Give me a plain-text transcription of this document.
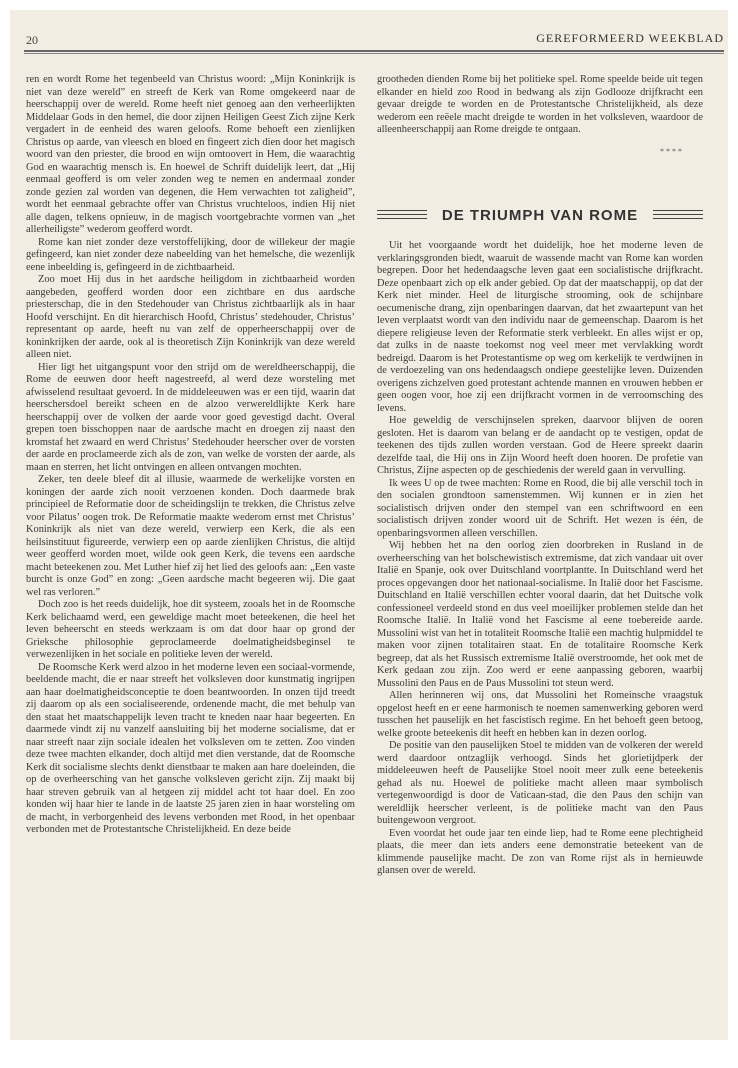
20	GEREFORMEERD WEEKBLAD

ren en wordt Rome het tegenbeeld van Christus woord: „Mijn Koninkrijk is niet van deze wereld” en streeft de Kerk van Rome omgekeerd naar de heerschappij over de wereld. Rome heeft niet genoeg aan den verheerlijkten Middelaar Gods in den hemel, die door zijnen Heiligen Geest Zich zijne Kerk vergadert in de eenheid des waren geloofs. Rome behoeft een zienlijken Christus op aarde, van vleesch en bloed en fingeert zich dien door het magisch woord van den priester, die brood en wijn omtoovert in Hem, die waarachtig God en waarachtig mensch is. En hoewel de Schrift duidelijk leert, dat „Hij eenmaal geofferd is om veler zonden weg te nemen en andermaal zonder zonde gezien zal worden van degenen, die Hem verwachten tot zaligheid”, wordt het eenmaal gebrachte offer van Christus vruchteloos, indien Hij niet alle dagen, telkens opnieuw, in de magisch voortgebrachte vormen van „het allerheiligste” wederom geofferd wordt.

Rome kan niet zonder deze verstoffelijking, door de willekeur der magie gefingeerd, kan niet zonder deze nabeelding van het hemelsche, die wezenlijk eene inbeelding is, gefingeerd in de zichtbaarheid.

Zoo moet Hij dus in het aardsche heiligdom in zichtbaarheid worden aangebeden, geofferd worden door een zichtbare en dus aardsche priesterschap, die in den Stedehouder van Christus zichtbaarlijk als in haar Hoofd verschijnt. En dit hierarchisch Hoofd, Christus’ stedehouder, Christus’ representant op aarde, heeft nu van zelf de opperheerschappij over de koninkrijken der aarde, ook al is theoretisch Zijn Koninkrijk van deze wereld alleen niet.

Hier ligt het uitgangspunt voor den strijd om de wereldheerschappij, die Rome de eeuwen door heeft nagestreefd, al werd deze worsteling met afwisselend resultaat gevoerd. In de middeleeuwen was er een tijd, waarin dat heerschersdoel bereikt scheen en de alzoo verwereldlijkte Kerk hare heerschappij over de volken der aarde voor goed gevestigd dacht. Overal grepen toen bisschoppen naar de aardsche macht en droegen zij naast den kromstaf het zwaard en werd Christus’ Stedehouder heerscher over de vorsten der aarde en proclameerde zich als de zon, van welke de vorsten der aarde, als maan en sterren, het licht ontvingen en alleen ontvangen mochten.

Zeker, ten deele bleef dit al illusie, waarmede de werkelijke vorsten en koningen der aarde zich nooit verzoenen konden. Doch daarmede brak principieel de Reformatie door de scheidingslijn te trekken, die Christus zelve voor Pilatus’ oogen trok. De Reformatie maakte wederom ernst met Christus’ Koninkrijk als niet van deze wereld, verwierp een Kerk, die als een heilsinstituut figureerde, verwierp een op aarde zienlijken Christus, die altijd weer geofferd worden moet, wilde ook geen Kerk, die tevens een aardsche macht beteekenen zou. Met Luther hief zij het lied des geloofs aan: „Een vaste burcht is onze God” en zong: „Geen aardsche macht begeeren wij. Die gaat wel ras verloren.”

Doch zoo is het reeds duidelijk, hoe dit systeem, zooals het in de Roomsche Kerk belichaamd werd, een geweldige macht moet beteekenen, die heel het leven beheerscht en steeds werkzaam is om dat door haar op grond der Grieksche philosophie geproclameerde doelmatigheidsbeginsel te verwezenlijken in het sociale en politieke leven der wereld.

De Roomsche Kerk werd alzoo in het moderne leven een sociaal-vormende, beeldende macht, die er naar streeft het volksleven door kunstmatig ingrijpen aan haar doelmatigheidsconceptie te doen beantwoorden. In onzen tijd treedt zij daarom op als een socialiseerende, ordenende macht, die met behulp van den staat het maatschappelijk leven tracht te kneden naar haar begeerten. En daarmede vindt zij nu vanzelf aansluiting bij het moderne socialisme, dat er naar streeft naar zijn sociale idealen het volksleven om te zetten. Zoo vinden deze twee machten elkander, doch altijd met dien verstande, dat de Roomsche Kerk dit socialisme slechts denkt dienstbaar te maken aan hare doeleinden, die op de overheersching van het gansche volksleven gericht zijn. Zij maakt bij haar streven gebruik van al hetgeen zij middel acht tot haar doel. En zoo konden wij haar hier te lande in de laatste 25 jaren zien in haar worsteling om de macht, in verborgenheid des levens verbonden met Rood, in het openbaar verbonden met de Protestantsche Christelijkheid. En deze beide

grootheden dienden Rome bij het politieke spel. Rome speelde beide uit tegen elkander en hield zoo Rood in bedwang als zijn Godlooze drijfkracht een gevaar dreigde te worden en de Protestantsche Christelijkheid, als deze wederom een reëele macht dreigde te worden in het volksleven, waardoor de alleenheerschappij aan Rome dreigde te ontgaan.

* * * *
DE TRIUMPH VAN ROME

Uit het voorgaande wordt het duidelijk, hoe het moderne leven de verklaringsgronden biedt, waaruit de wassende macht van Rome kan worden begrepen. Door het hedendaagsche leven gaat een socialistische drijfkracht. Deze openbaart zich op elk ander gebied. Op dat der maatschappij, op dat der Kerk niet minder. Heel de liturgische strooming, ook de schijnbare oecumenische drang, zijn openbaringen daarvan, dat het zwaartepunt van het leven verplaatst wordt van den individu naar de gemeenschap. Daarom is het diepere religieuse leven der Reformatie sterk verbleekt. En alles wijst er op, dat zulks in de naaste toekomst nog veel meer met vervlakking wordt bedreigd. Daarom is het Protestantisme op weg om kerkelijk te verdwijnen in de verdoezeling van ons hedendaagsch ondiepe geestelijke leven. Duizenden overigens zichzelven goed protestant achtende mannen en vrouwen hebben er geen oogen voor, hoe zij een drijfkracht vormen in de verroomsching des levens.

Hoe geweldig de verschijnselen spreken, daarvoor blijven de ooren gesloten. Het is daarom van belang er de aandacht op te vestigen, opdat de teekenen des tijds zullen worden verstaan. God de Heere spreekt daarin dezelfde taal, die Hij ons in Zijn Woord heeft doen hooren. De profetie van Christus, Zijne aspecten op de geschiedenis der wereld gaan in vervulling.

Ik wees U op de twee machten: Rome en Rood, die bij alle verschil toch in den socialen grondtoon samenstemmen. Wij kunnen er in zien het socialistisch drijven onder den stempel van een schriftwoord en een socialistisch drijven zonder woord uit de Schrift. Het wezen is één, de openbaringsvormen alleen verschillen.

Wij hebben het na den oorlog zien doorbreken in Rusland in de overheersching van het bolschewistisch extremisme, dat zich vandaar uit over Italië en Spanje, ook over Duitschland voortplantte. In Duitschland werd het proces opgevangen door het nationaal-socialisme. In Italië door het Fascisme. Duitschland en Italië verschillen echter vooral daarin, dat het Duitsche volk confessioneel verdeeld stond en dus veel moeilijker problemen stelde dan het Roomsche Italië. In Italië vond het Fascisme al eene toebereide aarde. Mussolini wist van het in totaliteit Roomsche Italië een machtig hulpmiddel te maken voor zijnen totalitairen staat. En de totalitaire Roomsche Kerk begreep, dat als het Russisch extremisme Italië overstroomde, het ook met de Kerk gedaan zou zijn. Zoo werd er eene aanpassing geboren, waarbij Mussolini den Paus en de Paus Mussolini tot steun werd.

Allen herinneren wij ons, dat Mussolini het Romeinsche vraagstuk opgelost heeft en er eene harmonisch te noemen samenwerking geboren werd tusschen het pauselijk en het fascistisch regime. En het behoeft geen betoog, welke groote beteekenis dit heeft en hebben kan in dezen oorlog.

De positie van den pauselijken Stoel te midden van de volkeren der wereld werd daardoor ontzaglijk verhoogd. Sinds het glorietijdperk der middeleeuwen heeft de Pauselijke Stoel nooit meer zulk eene beteekenis gehad als nu. Hoewel de politieke macht alleen maar symbolisch vertegenwoordigd is door de Vaticaan-stad, die den Paus den schijn van wereldlijk heerscher verleent, is de politieke macht van den Paus buitengewoon vergroot.

Even voordat het oude jaar ten einde liep, had te Rome eene plechtigheid plaats, die meer dan iets anders eene demonstratie beteekent van de klimmende pauselijke macht. De zon van Rome rijst als in hernieuwde glansen over de wereld.
